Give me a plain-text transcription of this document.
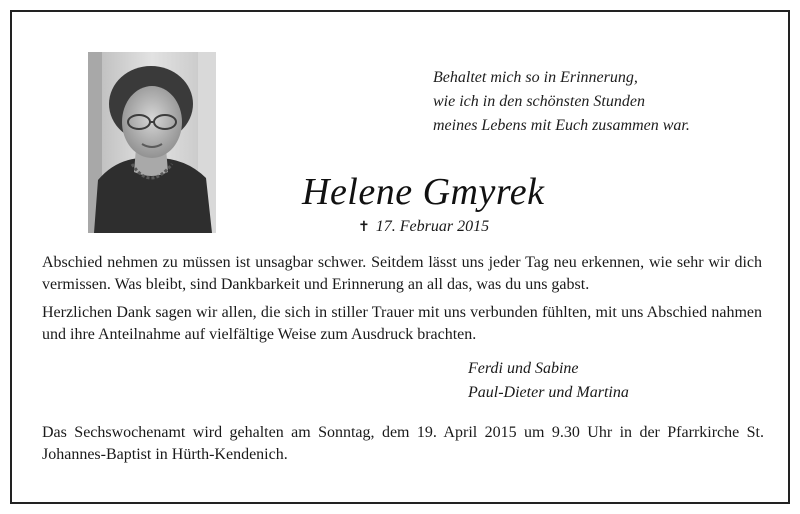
Behaltet mich so in Erinnerung,
wie ich in den schönsten Stunden
meines Lebens mit Euch zusammen war.
Helene Gmyrek
✝ 17. Februar 2015
Abschied nehmen zu müssen ist unsagbar schwer. Seitdem lässt uns jeder Tag neu erkennen, wie sehr wir dich vermissen. Was bleibt, sind Dankbarkeit und Erinnerung an all das, was du uns gabst.
Herzlichen Dank sagen wir allen, die sich in stiller Trauer mit uns verbunden fühlten, mit uns Abschied nahmen und ihre Anteilnahme auf vielfältige Weise zum Ausdruck brachten.
Ferdi und Sabine
Paul-Dieter und Martina
Das Sechswochenamt wird gehalten am Sonntag, dem 19. April 2015 um 9.30 Uhr in der Pfarrkirche St. Johannes-Baptist in Hürth-Kendenich.
